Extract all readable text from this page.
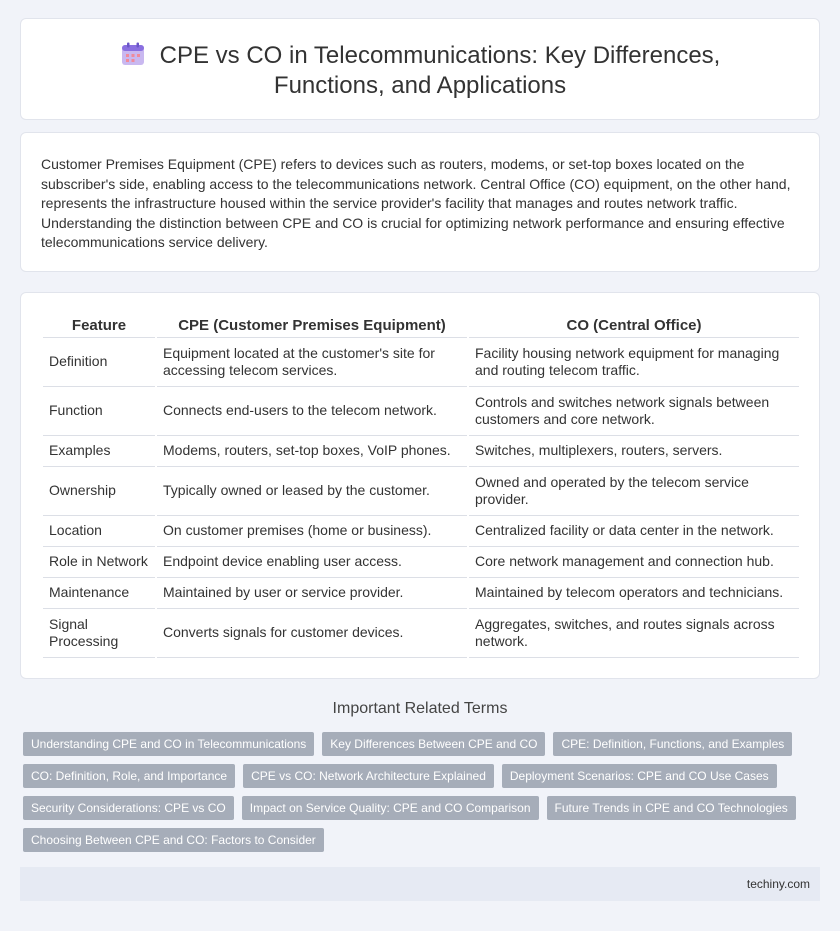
CPE vs CO in Telecommunications: Key Differences, Functions, and Applications

Customer Premises Equipment (CPE) refers to devices such as routers, modems, or set-top boxes located on the subscriber's side, enabling access to the telecommunications network. Central Office (CO) equipment, on the other hand, represents the infrastructure housed within the service provider's facility that manages and routes network traffic. Understanding the distinction between CPE and CO is crucial for optimizing network performance and ensuring effective telecommunications service delivery.

Feature	CPE (Customer Premises Equipment)	CO (Central Office)
Definition	Equipment located at the customer's site for accessing telecom services.	Facility housing network equipment for managing and routing telecom traffic.
Function	Connects end-users to the telecom network.	Controls and switches network signals between customers and core network.
Examples	Modems, routers, set-top boxes, VoIP phones.	Switches, multiplexers, routers, servers.
Ownership	Typically owned or leased by the customer.	Owned and operated by the telecom service provider.
Location	On customer premises (home or business).	Centralized facility or data center in the network.
Role in Network	Endpoint device enabling user access.	Core network management and connection hub.
Maintenance	Maintained by user or service provider.	Maintained by telecom operators and technicians.
Signal Processing	Converts signals for customer devices.	Aggregates, switches, and routes signals across network.
Important Related Terms
Understanding CPE and CO in Telecommunications	Key Differences Between CPE and CO	CPE: Definition, Functions, and Examples
CO: Definition, Role, and Importance	CPE vs CO: Network Architecture Explained	Deployment Scenarios: CPE and CO Use Cases
Security Considerations: CPE vs CO	Impact on Service Quality: CPE and CO Comparison	Future Trends in CPE and CO Technologies
Choosing Between CPE and CO: Factors to Consider
techiny.com
